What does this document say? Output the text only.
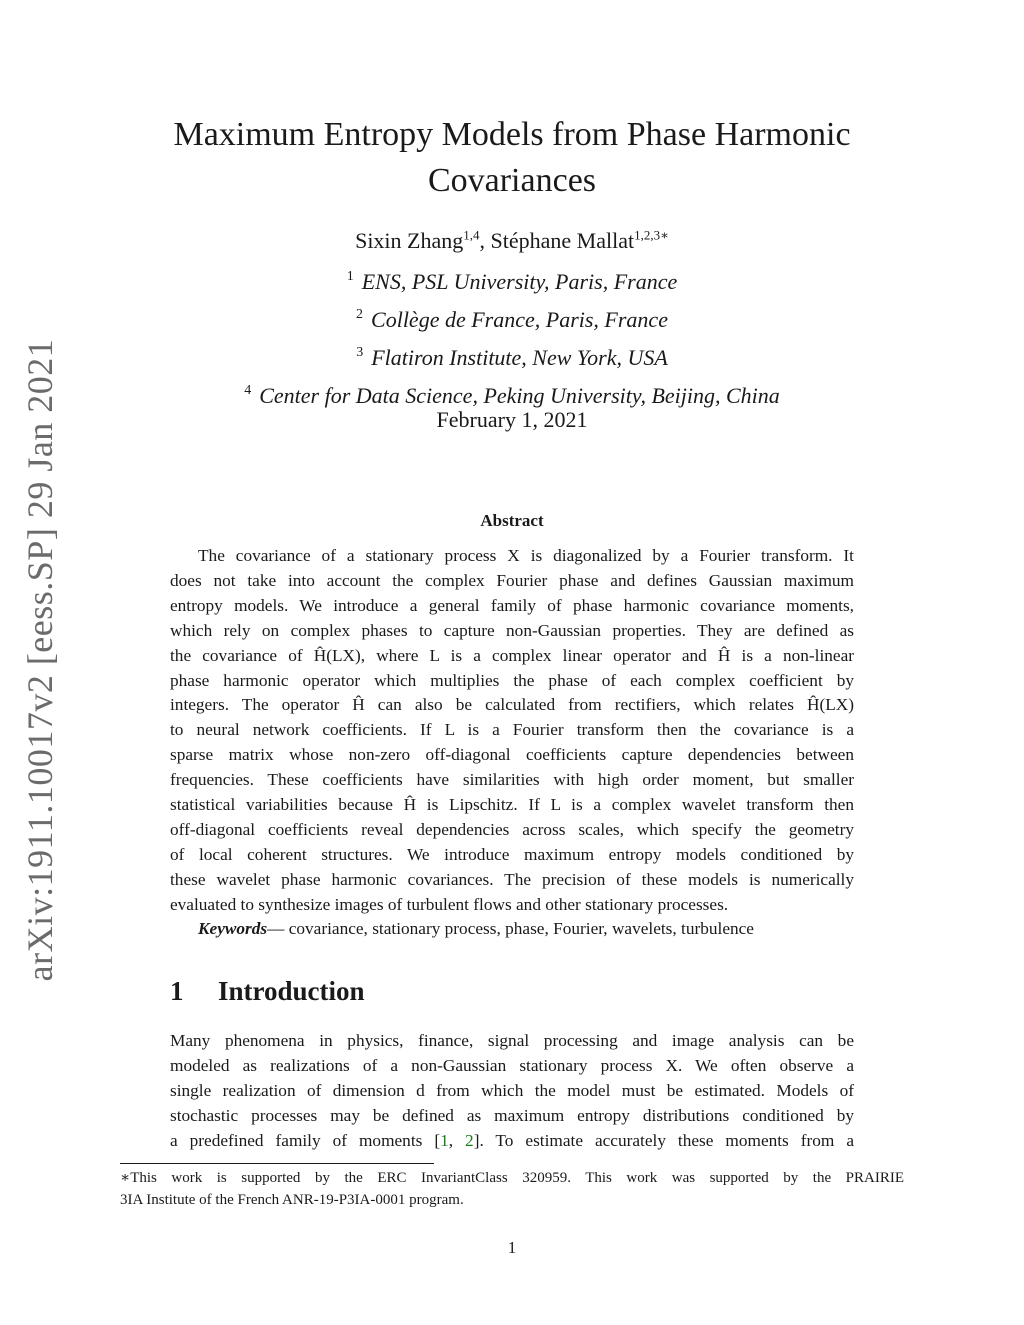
arXiv:1911.10017v2 [eess.SP] 29 Jan 2021
Maximum Entropy Models from Phase Harmonic
Covariances
Sixin Zhang$^{1,4}$, Stéphane Mallat$^{1,2,3∗}$
$^1$ ENS, PSL University, Paris, France
$^2$ Collège de France, Paris, France
$^3$ Flatiron Institute, New York, USA
$^4$ Center for Data Science, Peking University, Beijing, China
February 1, 2021
Abstract
The covariance of a stationary process X is diagonalized by a Fourier transform. It
does not take into account the complex Fourier phase and defines Gaussian maximum
entropy models. We introduce a general family of phase harmonic covariance moments,
which rely on complex phases to capture non-Gaussian properties. They are defined as
the covariance of Ĥ(LX), where L is a complex linear operator and Ĥ is a non-linear
phase harmonic operator which multiplies the phase of each complex coefficient by
integers. The operator Ĥ can also be calculated from rectifiers, which relates Ĥ(LX)
to neural network coefficients. If L is a Fourier transform then the covariance is a
sparse matrix whose non-zero off-diagonal coefficients capture dependencies between
frequencies. These coefficients have similarities with high order moment, but smaller
statistical variabilities because Ĥ is Lipschitz. If L is a complex wavelet transform then
off-diagonal coefficients reveal dependencies across scales, which specify the geometry
of local coherent structures. We introduce maximum entropy models conditioned by
these wavelet phase harmonic covariances. The precision of these models is numerically
evaluated to synthesize images of turbulent flows and other stationary processes.
Keywords— covariance, stationary process, phase, Fourier, wavelets, turbulence
1 Introduction
Many phenomena in physics, finance, signal processing and image analysis can be
modeled as realizations of a non-Gaussian stationary process X. We often observe a
single realization of dimension d from which the model must be estimated. Models of
stochastic processes may be defined as maximum entropy distributions conditioned by
a predefined family of moments [1, 2]. To estimate accurately these moments from a
∗This work is supported by the ERC InvariantClass 320959. This work was supported by the PRAIRIE
3IA Institute of the French ANR-19-P3IA-0001 program.
1
